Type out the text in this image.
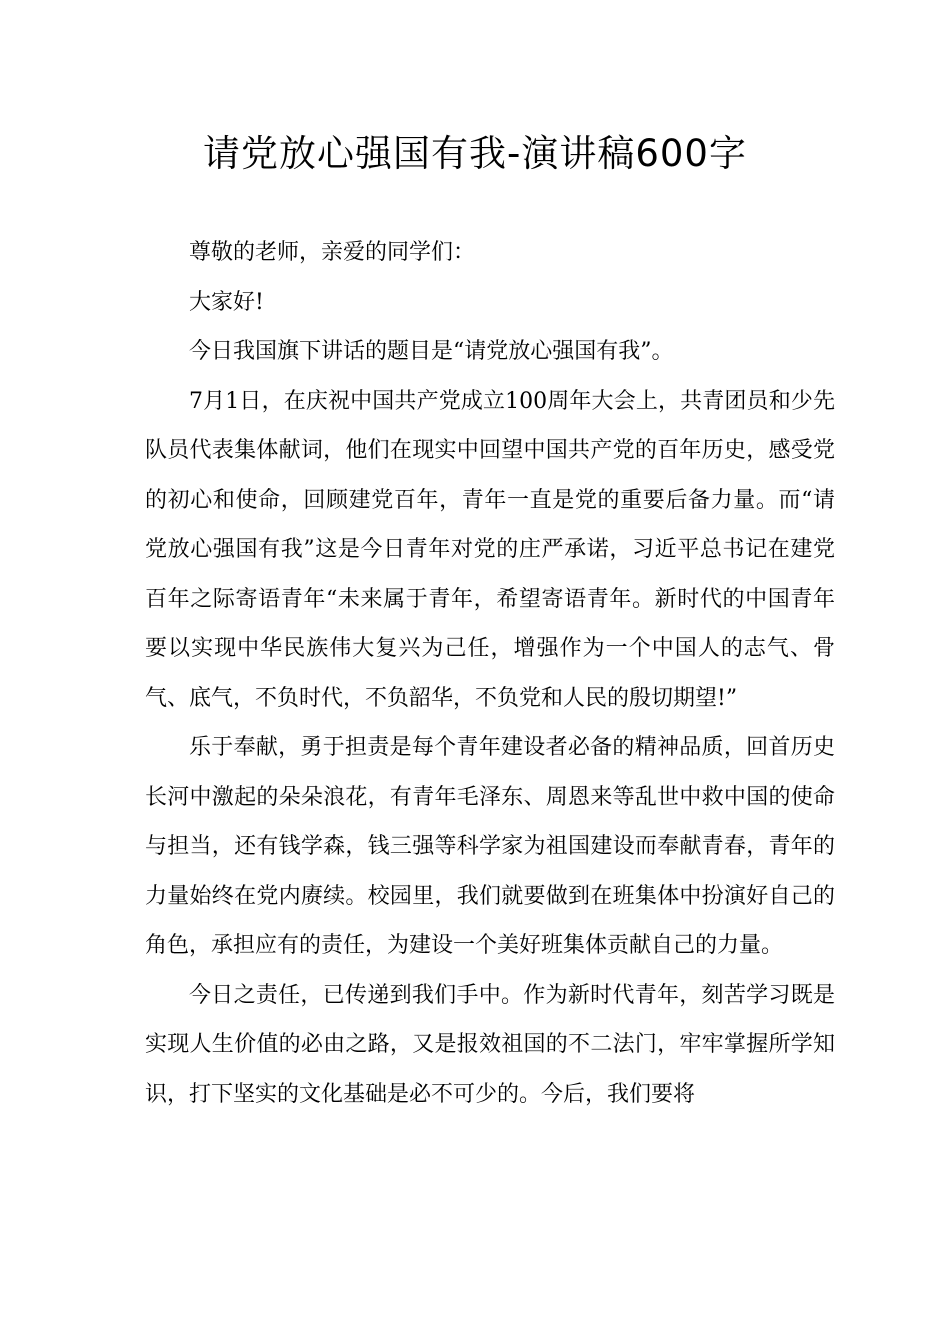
请党放心强国有我-演讲稿600字

尊敬的老师，亲爱的同学们：

大家好!

今日我国旗下讲话的题目是“请党放心强国有我”。

7月1日，在庆祝中国共产党成立100周年大会上，共青团员和少先队员代表集体献词，他们在现实中回望中国共产党的百年历史，感受党的初心和使命，回顾建党百年，青年一直是党的重要后备力量。而“请党放心强国有我”这是今日青年对党的庄严承诺，习近平总书记在建党百年之际寄语青年“未来属于青年，希望寄语青年。新时代的中国青年要以实现中华民族伟大复兴为己任，增强作为一个中国人的志气、骨气、底气，不负时代，不负韶华，不负党和人民的殷切期望!”

乐于奉献，勇于担责是每个青年建设者必备的精神品质，回首历史长河中激起的朵朵浪花，有青年毛泽东、周恩来等乱世中救中国的使命与担当，还有钱学森，钱三强等科学家为祖国建设而奉献青春，青年的力量始终在党内赓续。校园里，我们就要做到在班集体中扮演好自己的角色，承担应有的责任，为建设一个美好班集体贡献自己的力量。

今日之责任，已传递到我们手中。作为新时代青年，刻苦学习既是实现人生价值的必由之路，又是报效祖国的不二法门，牢牢掌握所学知识，打下坚实的文化基础是必不可少的。今后，我们要将
